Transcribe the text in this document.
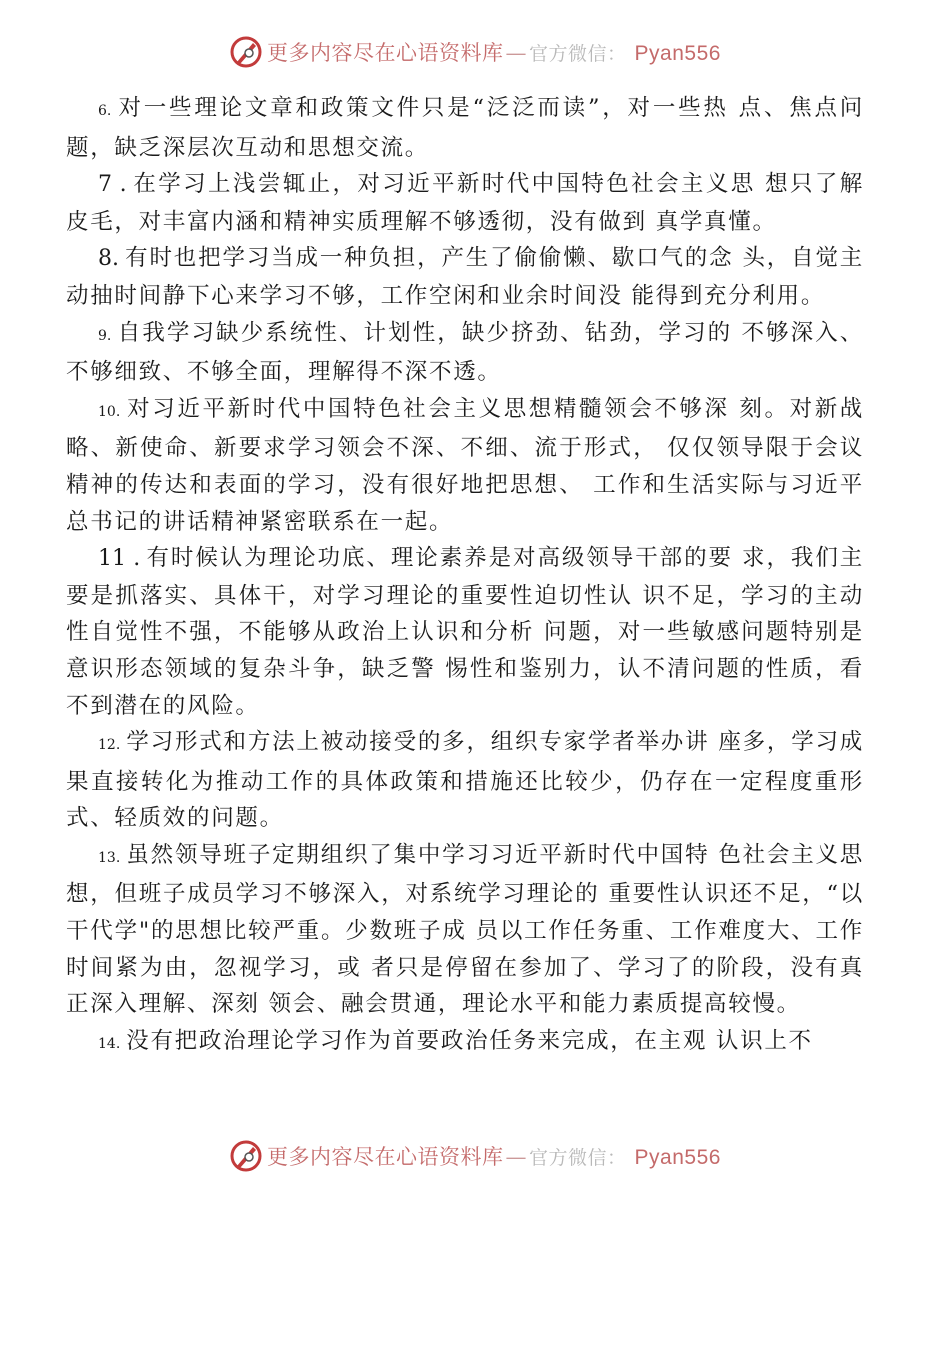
更多内容尽在心语资料库— 官方微信： Pyan556

6. 对一些理论文章和政策文件只是“泛泛而读”，对一些热 点、焦点问题，缺乏深层次互动和思想交流。

7 . 在学习上浅尝辄止，对习近平新时代中国特色社会主义思 想只了解皮毛，对丰富内涵和精神实质理解不够透彻，没有做到 真学真懂。

8. 有时也把学习当成一种负担，产生了偷偷懒、歇口气的念 头，自觉主动抽时间静下心来学习不够，工作空闲和业余时间没 能得到充分利用。

9. 自我学习缺少系统性、计划性，缺少挤劲、钻劲，学习的 不够深入、不够细致、不够全面，理解得不深不透。

10. 对习近平新时代中国特色社会主义思想精髓领会不够深 刻。对新战略、新使命、新要求学习领会不深、不细、流于形式， 仅仅领导限于会议精神的传达和表面的学习，没有很好地把思想、 工作和生活实际与习近平总书记的讲话精神紧密联系在一起。

11 . 有时候认为理论功底、理论素养是对高级领导干部的要 求，我们主要是抓落实、具体干，对学习理论的重要性迫切性认 识不足，学习的主动性自觉性不强，不能够从政治上认识和分析 问题，对一些敏感问题特别是意识形态领域的复杂斗争，缺乏警 惕性和鉴别力，认不清问题的性质，看不到潜在的风险。

12. 学习形式和方法上被动接受的多，组织专家学者举办讲 座多，学习成果直接转化为推动工作的具体政策和措施还比较少，仍存在一定程度重形式、轻质效的问题。

13. 虽然领导班子定期组织了集中学习习近平新时代中国特 色社会主义思想，但班子成员学习不够深入，对系统学习理论的 重要性认识还不足，“以干代学"的思想比较严重。少数班子成 员以工作任务重、工作难度大、工作时间紧为由，忽视学习，或 者只是停留在参加了、学习了的阶段，没有真正深入理解、深刻 领会、融会贯通，理论水平和能力素质提高较慢。

14. 没有把政治理论学习作为首要政治任务来完成，在主观 认识上不

更多内容尽在心语资料库— 官方微信： Pyan556
